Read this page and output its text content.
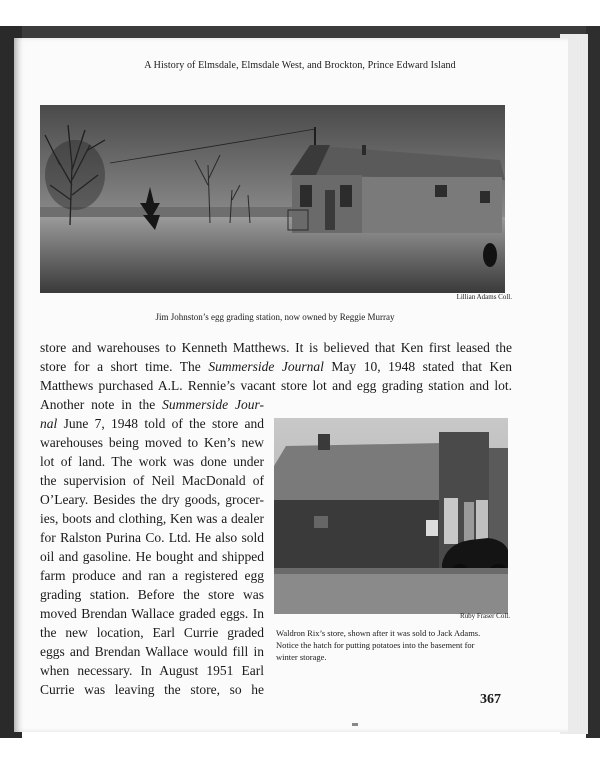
A History of Elmsdale, Elmsdale West, and Brockton, Prince Edward Island
Lillian Adams Coll.
Jim Johnston’s egg grading station, now owned by Reggie Murray
store and warehouses to Kenneth Matthews. It is believed that Ken first leased the
store for a short time. The Summerside Journal May 10, 1948 stated that Ken
Matthews purchased A.L. Rennie’s vacant store lot and egg grading station and lot.
Another note in the Summerside Jour-
nal June 7, 1948 told of the store and
warehouses being moved to Ken’s new
lot of land. The work was done under
the supervision of Neil MacDonald of
O’Leary. Besides the dry goods, grocer-
ies, boots and clothing, Ken was a dealer
for Ralston Purina Co. Ltd. He also sold
oil and gasoline. He bought and shipped
farm produce and ran a registered egg
grading station. Before the store was
moved Brendan Wallace graded eggs. In
the new location, Earl Currie graded
eggs and Brendan Wallace would fill in
when necessary. In August 1951 Earl
Currie was leaving the store, so he
Ruby Fraser Coll.
Waldron Rix’s store, shown after it was sold to Jack Adams.
Notice the hatch for putting potatoes into the basement for
winter storage.
367
